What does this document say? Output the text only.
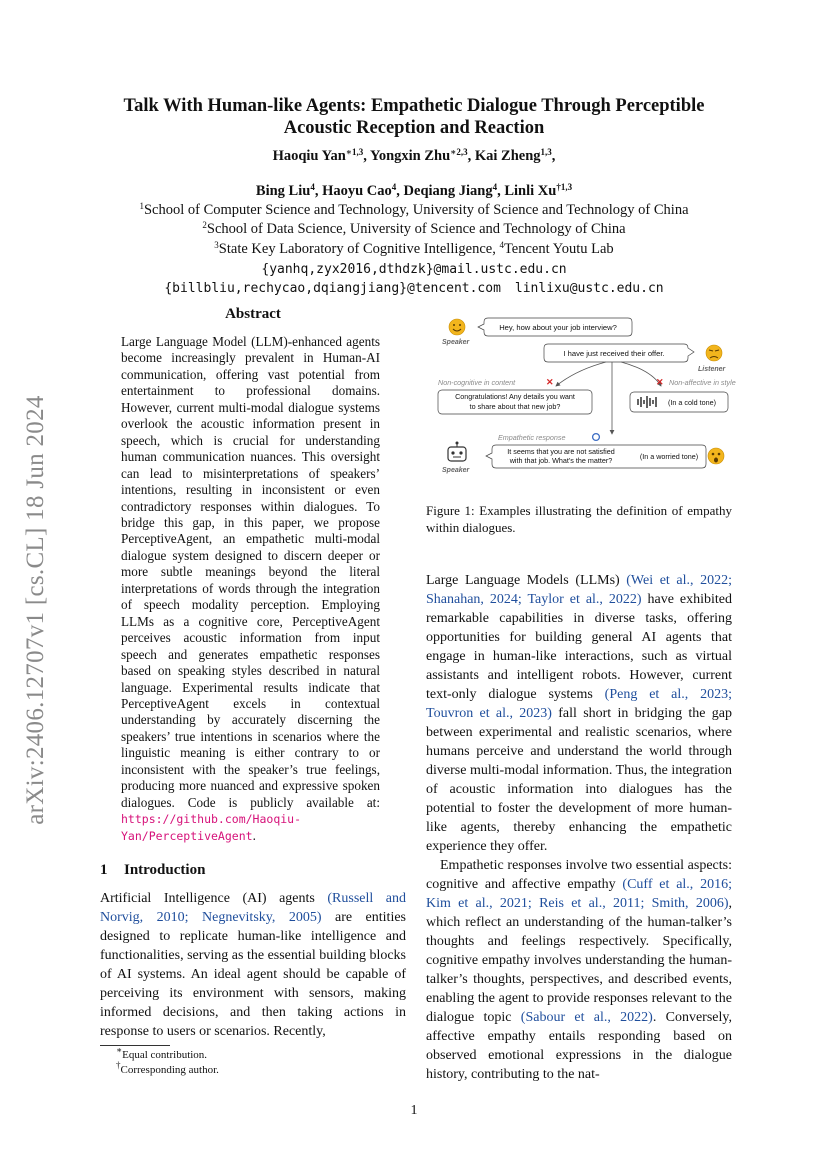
arXiv:2406.12707v1 [cs.CL] 18 Jun 2024
Talk With Human-like Agents: Empathetic Dialogue Through Perceptible
Acoustic Reception and Reaction
Haoqiu Yan$^{∗1,3}$, Yongxin Zhu$^{∗2,3}$, Kai Zheng$^{1,3}$,
Bing Liu$^4$, Haoyu Cao$^4$, Deqiang Jiang$^4$, Linli Xu$^{\dagger 1,3}$
$^1$School of Computer Science and Technology, University of Science and Technology of China
$^2$School of Data Science, University of Science and Technology of China
$^3$State Key Laboratory of Cognitive Intelligence, $^4$Tencent Youtu Lab
{yanhq,zyx2016,dthdzk}@mail.ustc.edu.cn
{billbliu,rechycao,dqiangjiang}@tencent.com linlixu@ustc.edu.cn
Abstract
Large Language Model (LLM)-enhanced agents become increasingly prevalent in Human-AI communication, offering vast potential from entertainment to professional domains. However, current multi-modal dialogue systems overlook the acoustic information present in speech, which is crucial for understanding human communication nuances. This oversight can lead to misinterpretations of speakers’ intentions, resulting in inconsistent or even contradictory responses within dialogues. To bridge this gap, in this paper, we propose PerceptiveAgent, an empathetic multi-modal dialogue system designed to discern deeper or more subtle meanings beyond the literal interpretations of words through the integration of speech modality perception. Employing LLMs as a cognitive core, PerceptiveAgent perceives acoustic information from input speech and generates empathetic responses based on speaking styles described in natural language. Experimental results indicate that PerceptiveAgent excels in contextual understanding by accurately discerning the speakers’ true intentions in scenarios where the linguistic meaning is either contrary to or inconsistent with the speaker’s true feelings, producing more nuanced and expressive spoken dialogues. Code is publicly available at: https://github.com/Haoqiu-Yan/PerceptiveAgent.
1 Introduction
Artificial Intelligence (AI) agents (Russell and Norvig, 2010; Negnevitsky, 2005) are entities designed to replicate human-like intelligence and functionalities, serving as the essential building blocks of AI systems. An ideal agent should be capable of perceiving its environment with sensors, making informed decisions, and then taking actions in response to users or scenarios. Recently,
∗Equal contribution.
†Corresponding author.
Speaker
Hey, how about your job interview?
I have just received their offer.
Listener
Non-cognitive in content	✕	✕ Non-affective in style
Congratulations! Any details you want
to share about that new job?	(In a cold tone)
Empathetic response
Speaker
It seems that you are not satisfied
with that job. What’s the matter?	(In a worried tone)
Figure 1: Examples illustrating the definition of empathy within dialogues.

Large Language Models (LLMs) (Wei et al., 2022; Shanahan, 2024; Taylor et al., 2022) have exhibited remarkable capabilities in diverse tasks, offering opportunities for building general AI agents that engage in human-like interactions, such as virtual assistants and intelligent robots. However, current text-only dialogue systems (Peng et al., 2023; Touvron et al., 2023) fall short in bridging the gap between experimental and realistic scenarios, where humans perceive and understand the world through diverse multi-modal information. Thus, the integration of acoustic information into dialogues has the potential to foster the development of more human-like agents, thereby enhancing the empathetic experience they offer.

Empathetic responses involve two essential aspects: cognitive and affective empathy (Cuff et al., 2016; Kim et al., 2021; Reis et al., 2011; Smith, 2006), which reflect an understanding of the human-talker’s thoughts and feelings respectively. Specifically, cognitive empathy involves understanding the human-talker’s thoughts, perspectives, and described events, enabling the agent to provide responses relevant to the dialogue topic (Sabour et al., 2022). Conversely, affective empathy entails responding based on observed emotional expressions in the dialogue history, contributing to the nat-

1
